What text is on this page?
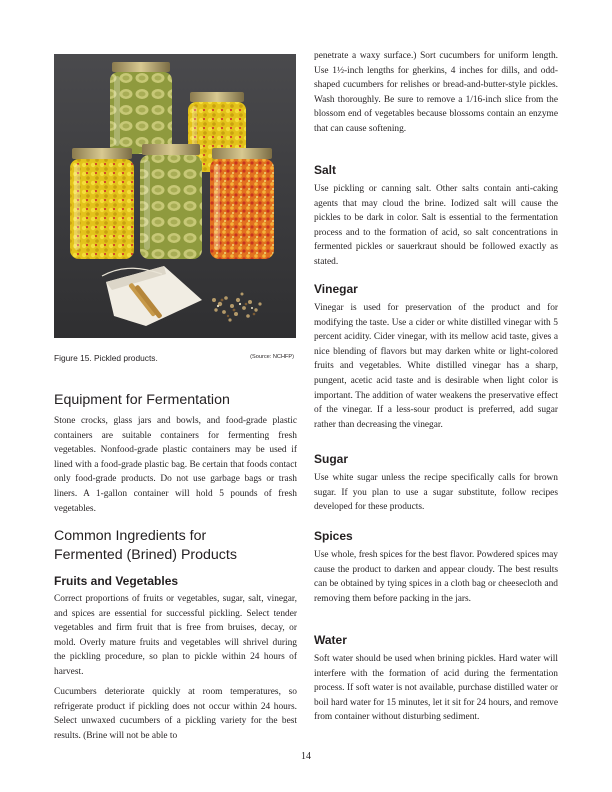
Figure 15. Pickled products.	(Source: NCHFP)
Equipment for Fermentation

Stone crocks, glass jars and bowls, and food-grade plastic containers are suitable containers for fermenting fresh vegetables. Nonfood-grade plastic containers may be used if lined with a food-grade plastic bag. Be certain that foods contact only food-grade products. Do not use garbage bags or trash liners. A 1-gallon container will hold 5 pounds of fresh vegetables.

Common Ingredients for
Fermented (Brined) Products
Fruits and Vegetables

Correct proportions of fruits or vegetables, sugar, salt, vinegar, and spices are essential for successful pickling. Select tender vegetables and firm fruit that is free from bruises, decay, or mold. Overly mature fruits and vegetables will shrivel during the pickling procedure, so plan to pickle within 24 hours of harvest.

Cucumbers deteriorate quickly at room temperatures, so refrigerate product if pickling does not occur within 24 hours. Select unwaxed cucumbers of a pickling variety for the best results. (Brine will not be able to

penetrate a waxy surface.) Sort cucumbers for uniform length. Use 1½-inch lengths for gherkins, 4 inches for dills, and odd-shaped cucumbers for relishes or bread-and-butter-style pickles. Wash thoroughly. Be sure to remove a 1/16-inch slice from the blossom end of vegetables because blossoms contain an enzyme that can cause softening.

Salt

Use pickling or canning salt. Other salts contain anti-caking agents that may cloud the brine. Iodized salt will cause the pickles to be dark in color. Salt is essential to the fermentation process and to the formation of acid, so salt concentrations in fermented pickles or sauerkraut should be followed exactly as stated.

Vinegar

Vinegar is used for preservation of the product and for modifying the taste. Use a cider or white distilled vinegar with 5 percent acidity. Cider vinegar, with its mellow acid taste, gives a nice blending of flavors but may darken white or light-colored fruits and vegetables. White distilled vinegar has a sharp, pungent, acetic acid taste and is desirable when light color is important. The addition of water weakens the preservative effect of the vinegar. If a less-sour product is preferred, add sugar rather than decreasing the vinegar.

Sugar

Use white sugar unless the recipe specifically calls for brown sugar. If you plan to use a sugar substitute, follow recipes developed for these products.

Spices

Use whole, fresh spices for the best flavor. Powdered spices may cause the product to darken and appear cloudy. The best results can be obtained by tying spices in a cloth bag or cheesecloth and removing them before packing in the jars.

Water

Soft water should be used when brining pickles. Hard water will interfere with the formation of acid during the fermentation process. If soft water is not available, purchase distilled water or boil hard water for 15 minutes, let it sit for 24 hours, and remove from container without disturbing sediment.

14
